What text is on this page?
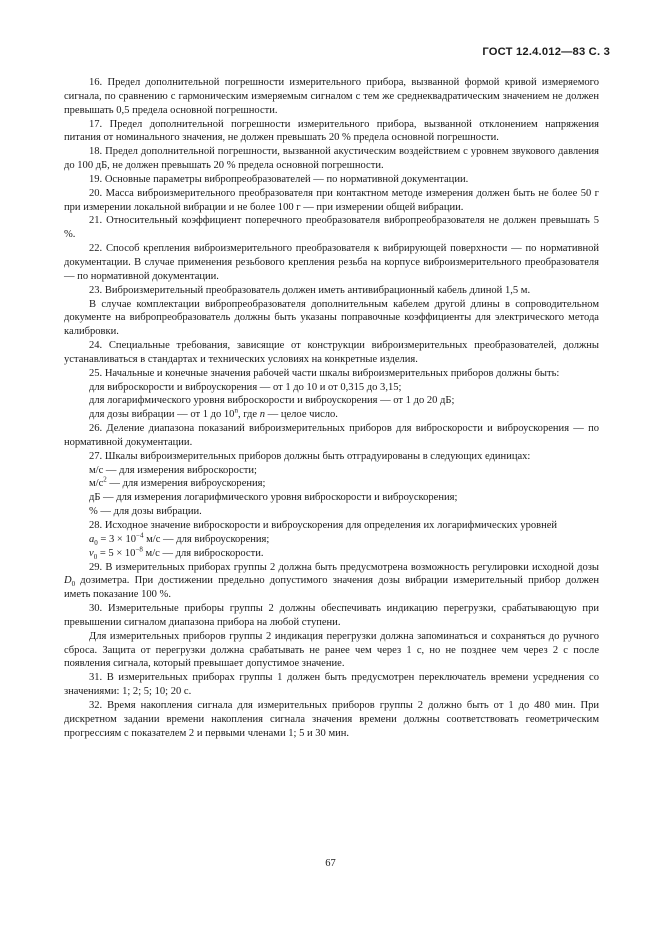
ГОСТ 12.4.012—83 С. 3

16. Предел дополнительной погрешности измерительного прибора, вызванной формой кривой измеряемого сигнала, по сравнению с гармоническим измеряемым сигналом с тем же среднеквадратическим значением не должен превышать 0,5 предела основной погрешности.

17. Предел дополнительной погрешности измерительного прибора, вызванной отклонением напряжения питания от номинального значения, не должен превышать 20 % предела основной погрешности.

18. Предел дополнительной погрешности, вызванной акустическим воздействием с уровнем звукового давления до 100 дБ, не должен превышать 20 % предела основной погрешности.

19. Основные параметры вибропреобразователей — по нормативной документации.

20. Масса виброизмерительного преобразователя при контактном методе измерения должен быть не более 50 г при измерении локальной вибрации и не более 100 г — при измерении общей вибрации.

21. Относительный коэффициент поперечного преобразователя вибропреобразователя не должен превышать 5 %.

22. Способ крепления виброизмерительного преобразователя к вибрирующей поверхности — по нормативной документации. В случае применения резьбового крепления резьба на корпусе виброизмерительного преобразователя — по нормативной документации.

23. Виброизмерительный преобразователь должен иметь антивибрационный кабель длиной 1,5 м.

В случае комплектации вибропреобразователя дополнительным кабелем другой длины в сопроводительном документе на вибропреобразователь должны быть указаны поправочные коэффициенты для электрического метода калибровки.

24. Специальные требования, зависящие от конструкции виброизмерительных преобразователей, должны устанавливаться в стандартах и технических условиях на конкретные изделия.

25. Начальные и конечные значения рабочей части шкалы виброизмерительных приборов должны быть:

для виброскорости и виброускорения — от 1 до 10 и от 0,315 до 3,15;

для логарифмического уровня виброскорости и виброускорения — от 1 до 20 дБ;

для дозы вибрации — от 1 до 10$^n$, где n — целое число.

26. Деление диапазона показаний виброизмерительных приборов для виброскорости и виброускорения — по нормативной документации.

27. Шкалы виброизмерительных приборов должны быть отградуированы в следующих единицах:

м/с — для измерения виброскорости;

$м/с^2$ — для измерения виброускорения;

дБ — для измерения логарифмического уровня виброскорости и виброускорения;

% — для дозы вибрации.

28. Исходное значение виброскорости и виброускорения для определения их логарифмических уровней

$a_0 = 3 \times 10^{-4}$ м/с — для виброускорения;

$v_0 = 5 \times 10^{-8}$ м/с — для виброскорости.

29. В измерительных приборах группы 2 должна быть предусмотрена возможность регулировки исходной дозы $D_0$ дозиметра. При достижении предельно допустимого значения дозы вибрации измерительный прибор должен иметь показание 100 %.

30. Измерительные приборы группы 2 должны обеспечивать индикацию перегрузки, срабатывающую при превышении сигналом диапазона прибора на любой ступени.

Для измерительных приборов группы 2 индикация перегрузки должна запоминаться и сохраняться до ручного сброса. Защита от перегрузки должна срабатывать не ранее чем через 1 с, но не позднее чем через 2 с после появления сигнала, который превышает допустимое значение.

31. В измерительных приборах группы 1 должен быть предусмотрен переключатель времени усреднения со значениями: 1; 2; 5; 10; 20 с.

32. Время накопления сигнала для измерительных приборов группы 2 должно быть от 1 до 480 мин. При дискретном задании времени накопления сигнала значения времени должны соответствовать геометрическим прогрессиям с показателем 2 и первыми членами 1; 5 и 30 мин.

67
